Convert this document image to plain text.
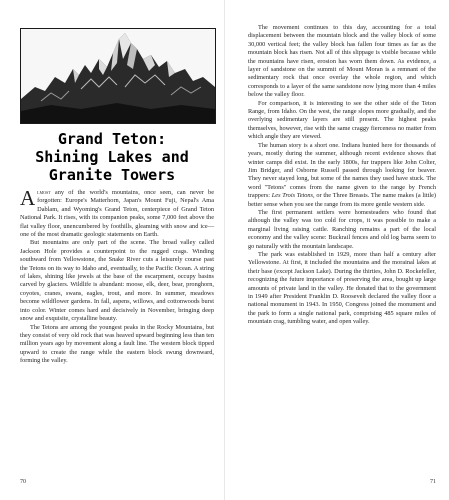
Grand Teton:
Shining Lakes and
Granite Towers

Almost any of the world's mountains, once seen, can never be forgotten: Europe's Matterhorn, Japan's Mount Fuji, Nepal's Ama Dablam, and Wyoming's Grand Teton, centerpiece of Grand Teton National Park. It rises, with its companion peaks, some 7,000 feet above the flat valley floor, unencumbered by foothills, gleaming with snow and ice—one of the most dramatic geologic statements on Earth.

But mountains are only part of the scene. The broad valley called Jackson Hole provides a counterpoint to the rugged crags. Winding southward from Yellowstone, the Snake River cuts a leisurely course past the Tetons on its way to Idaho and, eventually, to the Pacific Ocean. A string of lakes, shining like jewels at the base of the escarpment, occupy basins carved by glaciers. Wildlife is abundant: moose, elk, deer, bear, pronghorn, coyotes, cranes, swans, eagles, trout, and more. In summer, meadows become wildflower gardens. In fall, aspens, willows, and cottonwoods burst into color. Winter comes hard and decisively in November, bringing deep snow and exquisite, crystalline beauty.

The Tetons are among the youngest peaks in the Rocky Mountains, but they consist of very old rock that was heaved upward beginning less than ten million years ago by movement along a fault line. The western block tipped upward to create the range while the eastern block swung downward, forming the valley.

70

The movement continues to this day, accounting for a total displacement between the mountain block and the valley block of some 30,000 vertical feet; the valley block has fallen four times as far as the mountain block has risen. Not all of this slippage is visible because while the mountains have risen, erosion has worn them down. As evidence, a layer of sandstone on the summit of Mount Moran is a remnant of the sedimentary rock that once overlay the whole region, and which corresponds to a layer of the same sandstone now lying more than 4 miles below the valley floor.

For comparison, it is interesting to see the other side of the Teton Range, from Idaho. On the west, the range slopes more gradually, and the overlying sedimentary layers are still present. The highest peaks themselves, however, rise with the same craggy fierceness no matter from which angle they are viewed.

The human story is a short one. Indians hunted here for thousands of years, mostly during the summer, although recent evidence shows that winter camps did exist. In the early 1800s, fur trappers like John Colter, Jim Bridger, and Osborne Russell passed through looking for beaver. They never stayed long, but some of the names they used have stuck. The word "Tetons" comes from the name given to the range by French trappers: Les Trois Tetons, or the Three Breasts. The name makes (a little) better sense when you see the range from its more gentle western side.

The first permanent settlers were homesteaders who found that although the valley was too cold for crops, it was possible to make a marginal living raising cattle. Ranching remains a part of the local economy and the valley scene: Buckrail fences and old log barns seem to go naturally with the mountain landscape.

The park was established in 1929, more than half a century after Yellowstone. At first, it included the mountains and the morainal lakes at their base (except Jackson Lake). During the thirties, John D. Rockefeller, recognizing the future importance of preserving the area, bought up large amounts of private land in the valley. He donated that to the government in 1949 after President Franklin D. Roosevelt declared the valley floor a national monument in 1943. In 1950, Congress joined the monument and the park to form a single national park, comprising 485 square miles of mountain crag, tumbling water, and open valley.

71
